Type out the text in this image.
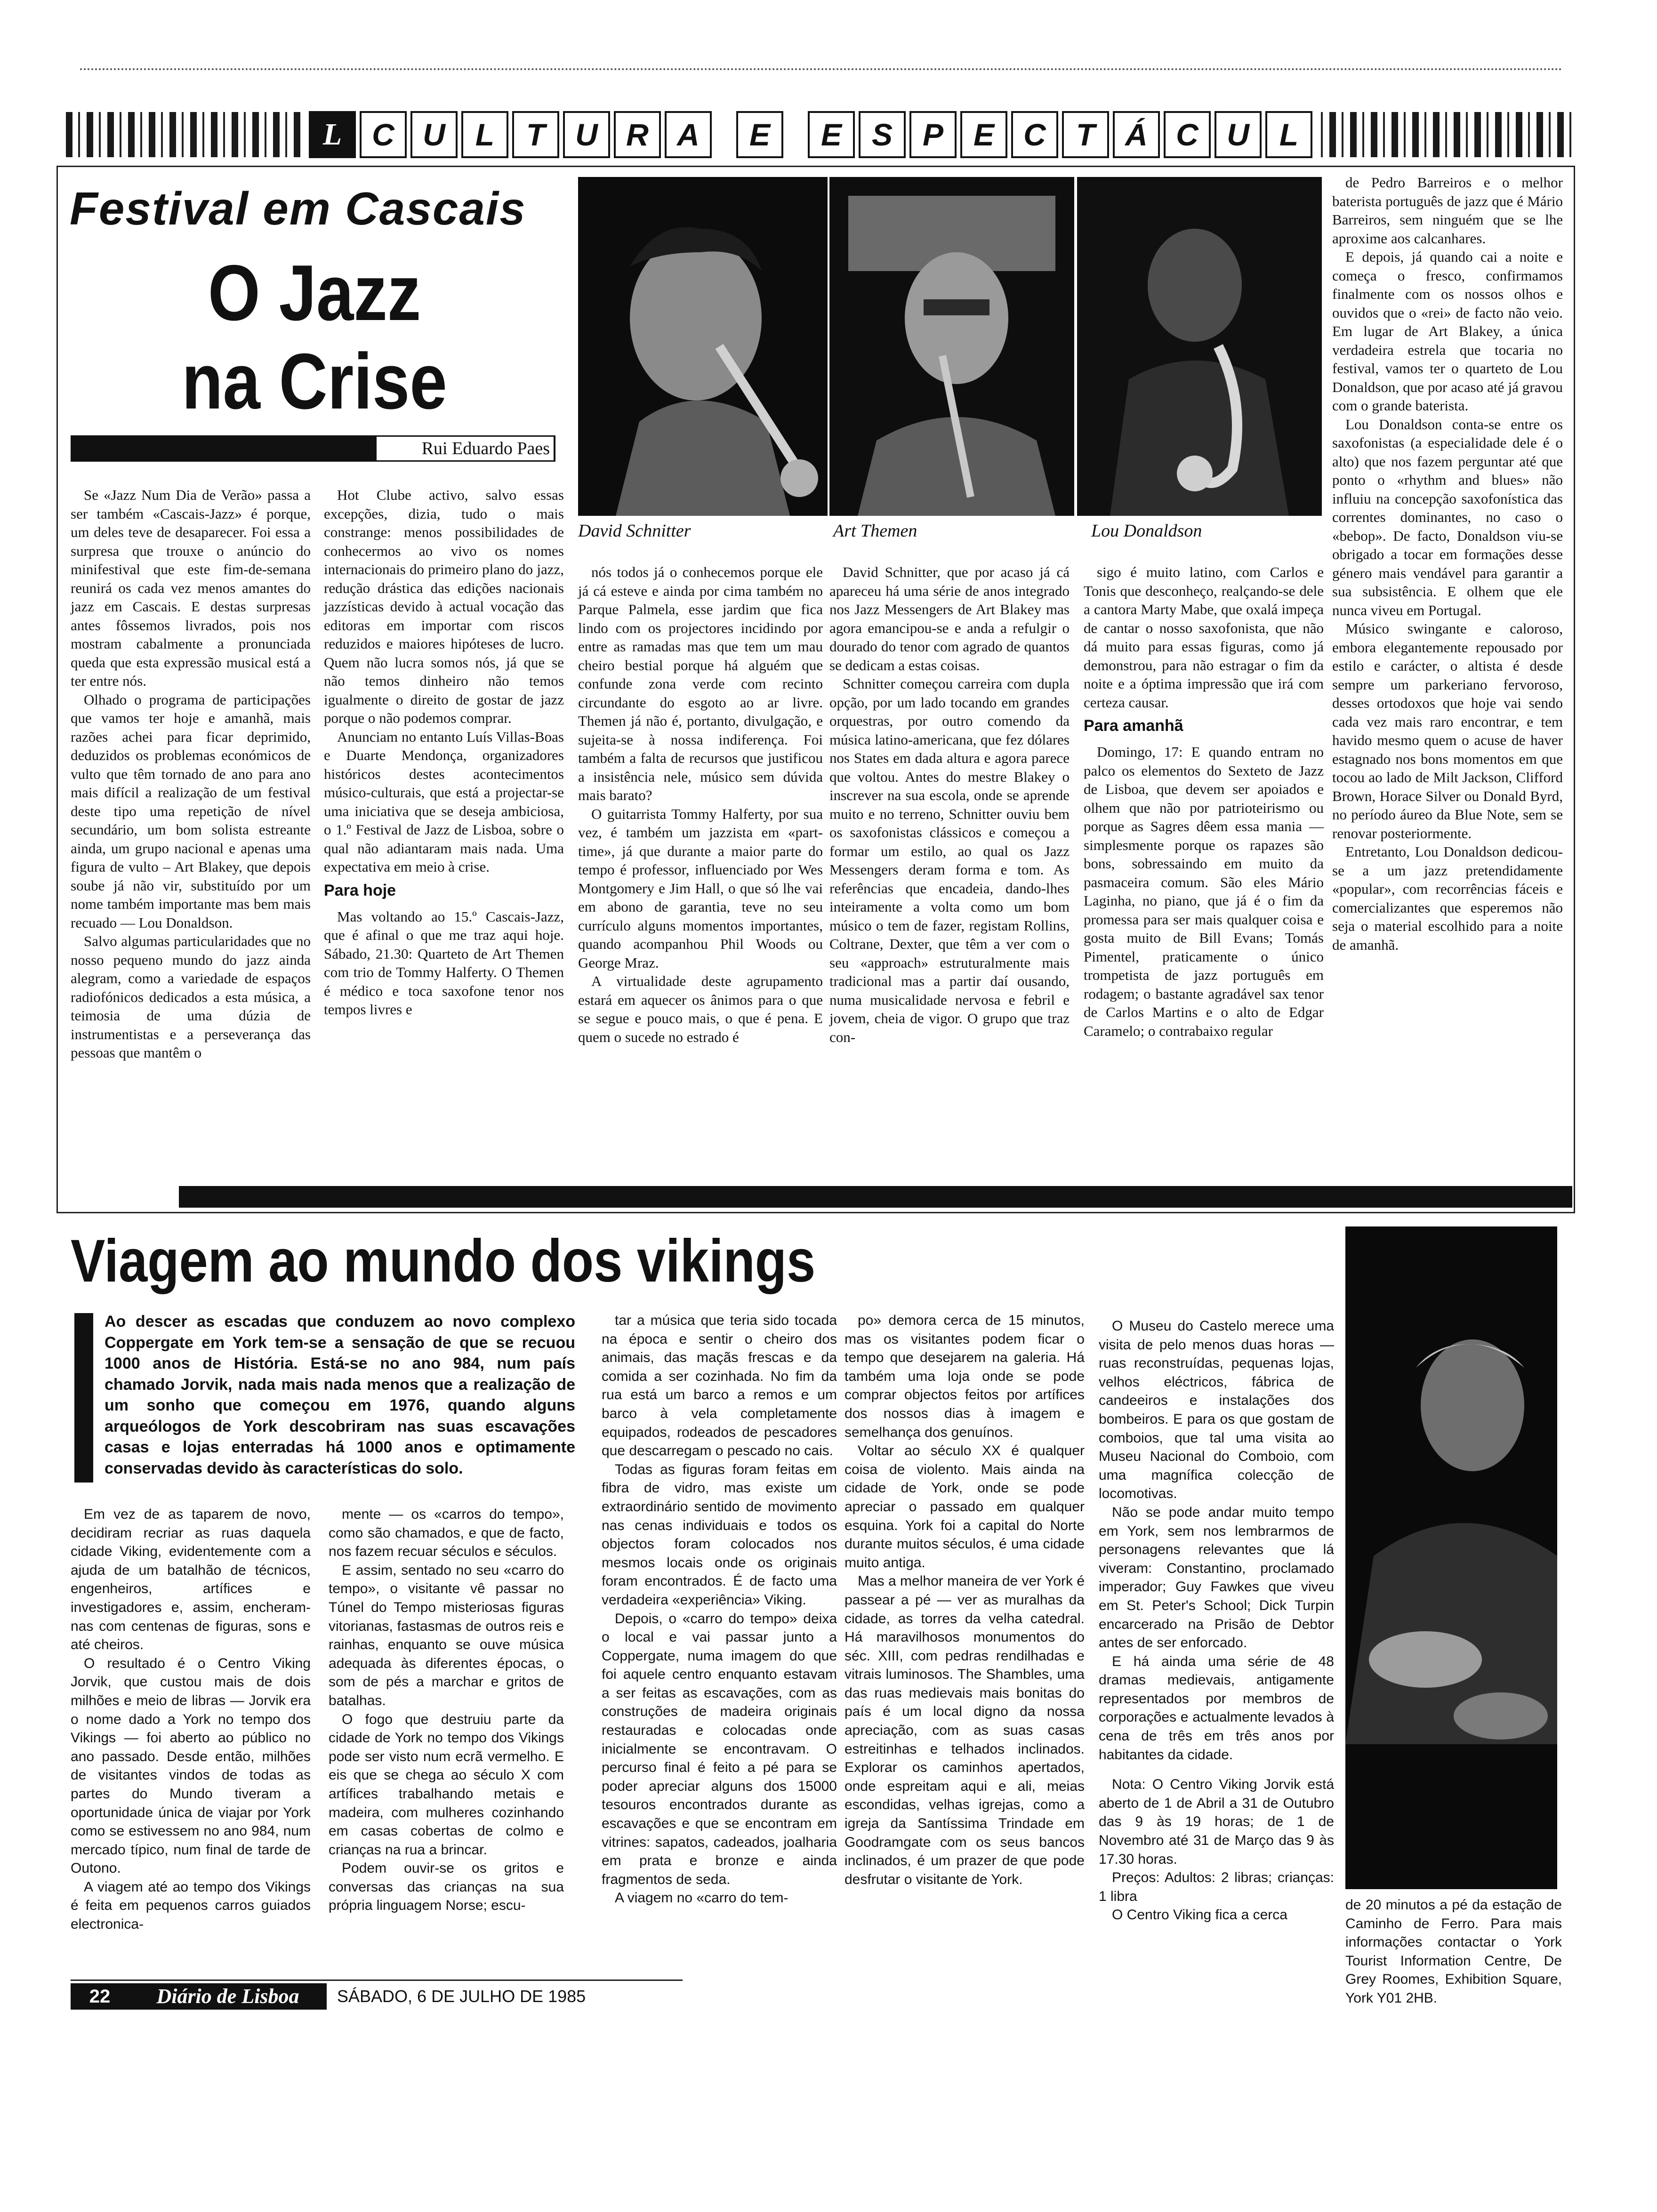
L C U L T U R A E E S P E C T Á C U L
Festival em Cascais
O Jazz
na Crise
Rui Eduardo Paes

Se «Jazz Num Dia de Verão» passa a ser também «Cascais-Jazz» é porque, um deles teve de desaparecer. Foi essa a surpresa que trouxe o anúncio do minifestival que este fim-de-semana reunirá os cada vez menos amantes do jazz em Cascais. E destas surpresas antes fôssemos livrados, pois nos mostram cabalmente a pronunciada queda que esta expressão musical está a ter entre nós.

Olhado o programa de participações que vamos ter hoje e amanhã, mais razões achei para ficar deprimido, deduzidos os problemas económicos de vulto que têm tornado de ano para ano mais difícil a realização de um festival deste tipo uma repetição de nível secundário, um bom solista estreante ainda, um grupo nacional e apenas uma figura de vulto – Art Blakey, que depois soube já não vir, substituído por um nome também importante mas bem mais recuado — Lou Donaldson.

Salvo algumas particularidades que no nosso pequeno mundo do jazz ainda alegram, como a variedade de espaços radiofónicos dedicados a esta música, a teimosia de uma dúzia de instrumentistas e a perseverança das pessoas que mantêm o

Hot Clube activo, salvo essas excepções, dizia, tudo o mais constrange: menos possibilidades de conhecermos ao vivo os nomes internacionais do primeiro plano do jazz, redução drástica das edições nacionais jazzísticas devido à actual vocação das editoras em importar com riscos reduzidos e maiores hipóteses de lucro. Quem não lucra somos nós, já que se não temos dinheiro não temos igualmente o direito de gostar de jazz porque o não podemos comprar.

Anunciam no entanto Luís Villas-Boas e Duarte Mendonça, organizadores históricos destes acontecimentos músico-culturais, que está a projectar-se uma iniciativa que se deseja ambiciosa, o 1.º Festival de Jazz de Lisboa, sobre o qual não adiantaram mais nada. Uma expectativa em meio à crise.

Para hoje

Mas voltando ao 15.º Cascais-Jazz, que é afinal o que me traz aqui hoje. Sábado, 21.30: Quarteto de Art Themen com trio de Tommy Halferty. O Themen é médico e toca saxofone tenor nos tempos livres e

David Schnitter	Art Themen	Lou Donaldson

nós todos já o conhecemos porque ele já cá esteve e ainda por cima também no Parque Palmela, esse jardim que fica lindo com os projectores incidindo por entre as ramadas mas que tem um mau cheiro bestial porque há alguém que confunde zona verde com recinto circundante do esgoto ao ar livre. Themen já não é, portanto, divulgação, e sujeita-se à nossa indiferença. Foi também a falta de recursos que justificou a insistência nele, músico sem dúvida mais barato?

O guitarrista Tommy Halferty, por sua vez, é também um jazzista em «part-time», já que durante a maior parte do tempo é professor, influenciado por Wes Montgomery e Jim Hall, o que só lhe vai em abono de garantia, teve no seu currículo alguns momentos importantes, quando acompanhou Phil Woods ou George Mraz.

A virtualidade deste agrupamento estará em aquecer os ânimos para o que se segue e pouco mais, o que é pena. E quem o sucede no estrado é

David Schnitter, que por acaso já cá apareceu há uma série de anos integrado nos Jazz Messengers de Art Blakey mas agora emancipou-se e anda a refulgir o dourado do tenor com agrado de quantos se dedicam a estas coisas.

Schnitter começou carreira com dupla opção, por um lado tocando em grandes orquestras, por outro comendo da música latino-americana, que fez dólares nos States em dada altura e agora parece que voltou. Antes do mestre Blakey o inscrever na sua escola, onde se aprende muito e no terreno, Schnitter ouviu bem os saxofonistas clássicos e começou a formar um estilo, ao qual os Jazz Messengers deram forma e tom. As referências que encadeia, dando-lhes inteiramente a volta como um bom músico o tem de fazer, registam Rollins, Coltrane, Dexter, que têm a ver com o seu «approach» estruturalmente mais tradicional mas a partir daí ousando, numa musicalidade nervosa e febril e jovem, cheia de vigor. O grupo que traz con-

sigo é muito latino, com Carlos e Tonis que desconheço, realçando-se dele a cantora Marty Mabe, que oxalá impeça de cantar o nosso saxofonista, que não dá muito para essas figuras, como já demonstrou, para não estragar o fim da noite e a óptima impressão que irá com certeza causar.

Para amanhã

Domingo, 17: E quando entram no palco os elementos do Sexteto de Jazz de Lisboa, que devem ser apoiados e olhem que não por patrioteirismo ou porque as Sagres dêem essa mania — simplesmente porque os rapazes são bons, sobressaindo em muito da pasmaceira comum. São eles Mário Laginha, no piano, que já é o fim da promessa para ser mais qualquer coisa e gosta muito de Bill Evans; Tomás Pimentel, praticamente o único trompetista de jazz português em rodagem; o bastante agradável sax tenor de Carlos Martins e o alto de Edgar Caramelo; o contrabaixo regular

de Pedro Barreiros e o melhor baterista português de jazz que é Mário Barreiros, sem ninguém que se lhe aproxime aos calcanhares.

E depois, já quando cai a noite e começa o fresco, confirmamos finalmente com os nossos olhos e ouvidos que o «rei» de facto não veio. Em lugar de Art Blakey, a única verdadeira estrela que tocaria no festival, vamos ter o quarteto de Lou Donaldson, que por acaso até já gravou com o grande baterista.

Lou Donaldson conta-se entre os saxofonistas (a especialidade dele é o alto) que nos fazem perguntar até que ponto o «rhythm and blues» não influiu na concepção saxofonística das correntes dominantes, no caso o «bebop». De facto, Donaldson viu-se obrigado a tocar em formações desse género mais vendável para garantir a sua subsistência. E olhem que ele nunca viveu em Portugal.

Músico swingante e caloroso, embora elegantemente repousado por estilo e carácter, o altista é desde sempre um parkeriano fervoroso, desses ortodoxos que hoje vai sendo cada vez mais raro encontrar, e tem havido mesmo quem o acuse de haver estagnado nos bons momentos em que tocou ao lado de Milt Jackson, Clifford Brown, Horace Silver ou Donald Byrd, no período áureo da Blue Note, sem se renovar posteriormente.

Entretanto, Lou Donaldson dedicou-se a um jazz pretendidamente «popular», com recorrências fáceis e comercializantes que esperemos não seja o material escolhido para a noite de amanhã.

Viagem ao mundo dos vikings
Ao descer as escadas que conduzem ao novo complexo Coppergate em York tem-se a sensação de que se recuou 1000 anos de História. Está-se no ano 984, num país chamado Jorvik, nada mais nada menos que a realização de um sonho que começou em 1976, quando alguns arqueólogos de York descobriram nas suas escavações casas e lojas enterradas há 1000 anos e optimamente conservadas devido às características do solo.

Em vez de as taparem de novo, decidiram recriar as ruas daquela cidade Viking, evidentemente com a ajuda de um batalhão de técnicos, engenheiros, artífices e investigadores e, assim, encheram-nas com centenas de figuras, sons e até cheiros.

O resultado é o Centro Viking Jorvik, que custou mais de dois milhões e meio de libras — Jorvik era o nome dado a York no tempo dos Vikings — foi aberto ao público no ano passado. Desde então, milhões de visitantes vindos de todas as partes do Mundo tiveram a oportunidade única de viajar por York como se estivessem no ano 984, num mercado típico, num final de tarde de Outono.

A viagem até ao tempo dos Vikings é feita em pequenos carros guiados electronica-

mente — os «carros do tempo», como são chamados, e que de facto, nos fazem recuar séculos e séculos.

E assim, sentado no seu «carro do tempo», o visitante vê passar no Túnel do Tempo misteriosas figuras vitorianas, fastasmas de outros reis e rainhas, enquanto se ouve música adequada às diferentes épocas, o som de pés a marchar e gritos de batalhas.

O fogo que destruiu parte da cidade de York no tempo dos Vikings pode ser visto num ecrã vermelho. E eis que se chega ao século X com artífices trabalhando metais e madeira, com mulheres cozinhando em casas cobertas de colmo e crianças na rua a brincar.

Podem ouvir-se os gritos e conversas das crianças na sua própria linguagem Norse; escu-

tar a música que teria sido tocada na época e sentir o cheiro dos animais, das maçãs frescas e da comida a ser cozinhada. No fim da rua está um barco a remos e um barco à vela completamente equipados, rodeados de pescadores que descarregam o pescado no cais.

Todas as figuras foram feitas em fibra de vidro, mas existe um extraordinário sentido de movimento nas cenas individuais e todos os objectos foram colocados nos mesmos locais onde os originais foram encontrados. É de facto uma verdadeira «experiência» Viking.

Depois, o «carro do tempo» deixa o local e vai passar junto a Coppergate, numa imagem do que foi aquele centro enquanto estavam a ser feitas as escavações, com as construções de madeira originais restauradas e colocadas onde inicialmente se encontravam. O percurso final é feito a pé para se poder apreciar alguns dos 15000 tesouros encontrados durante as escavações e que se encontram em vitrines: sapatos, cadeados, joalharia em prata e bronze e ainda fragmentos de seda.

A viagem no «carro do tem-

po» demora cerca de 15 minutos, mas os visitantes podem ficar o tempo que desejarem na galeria. Há também uma loja onde se pode comprar objectos feitos por artífices dos nossos dias à imagem e semelhança dos genuínos.

Voltar ao século XX é qualquer coisa de violento. Mais ainda na cidade de York, onde se pode apreciar o passado em qualquer esquina. York foi a capital do Norte durante muitos séculos, é uma cidade muito antiga.

Mas a melhor maneira de ver York é passear a pé — ver as muralhas da cidade, as torres da velha catedral. Há maravilhosos monumentos do séc. XIII, com pedras rendilhadas e vitrais luminosos. The Shambles, uma das ruas medievais mais bonitas do país é um local digno da nossa apreciação, com as suas casas estreitinhas e telhados inclinados. Explorar os caminhos apertados, onde espreitam aqui e ali, meias escondidas, velhas igrejas, como a igreja da Santíssima Trindade em Goodramgate com os seus bancos inclinados, é um prazer de que pode desfrutar o visitante de York.

O Museu do Castelo merece uma visita de pelo menos duas horas — ruas reconstruídas, pequenas lojas, velhos eléctricos, fábrica de candeeiros e instalações dos bombeiros. E para os que gostam de comboios, que tal uma visita ao Museu Nacional do Comboio, com uma magnífica colecção de locomotivas.

Não se pode andar muito tempo em York, sem nos lembrarmos de personagens relevantes que lá viveram: Constantino, proclamado imperador; Guy Fawkes que viveu em St. Peter's School; Dick Turpin encarcerado na Prisão de Debtor antes de ser enforcado.

E há ainda uma série de 48 dramas medievais, antigamente representados por membros de corporações e actualmente levados à cena de três em três anos por habitantes da cidade.

Nota: O Centro Viking Jorvik está aberto de 1 de Abril a 31 de Outubro das 9 às 19 horas; de 1 de Novembro até 31 de Março das 9 às 17.30 horas.

Preços: Adultos: 2 libras; crianças: 1 libra

O Centro Viking fica a cerca

de 20 minutos a pé da estação de Caminho de Ferro. Para mais informações contactar o York Tourist Information Centre, De Grey Roomes, Exhibition Square, York Y01 2HB.

22	Diário de Lisboa	SÁBADO, 6 DE JULHO DE 1985
